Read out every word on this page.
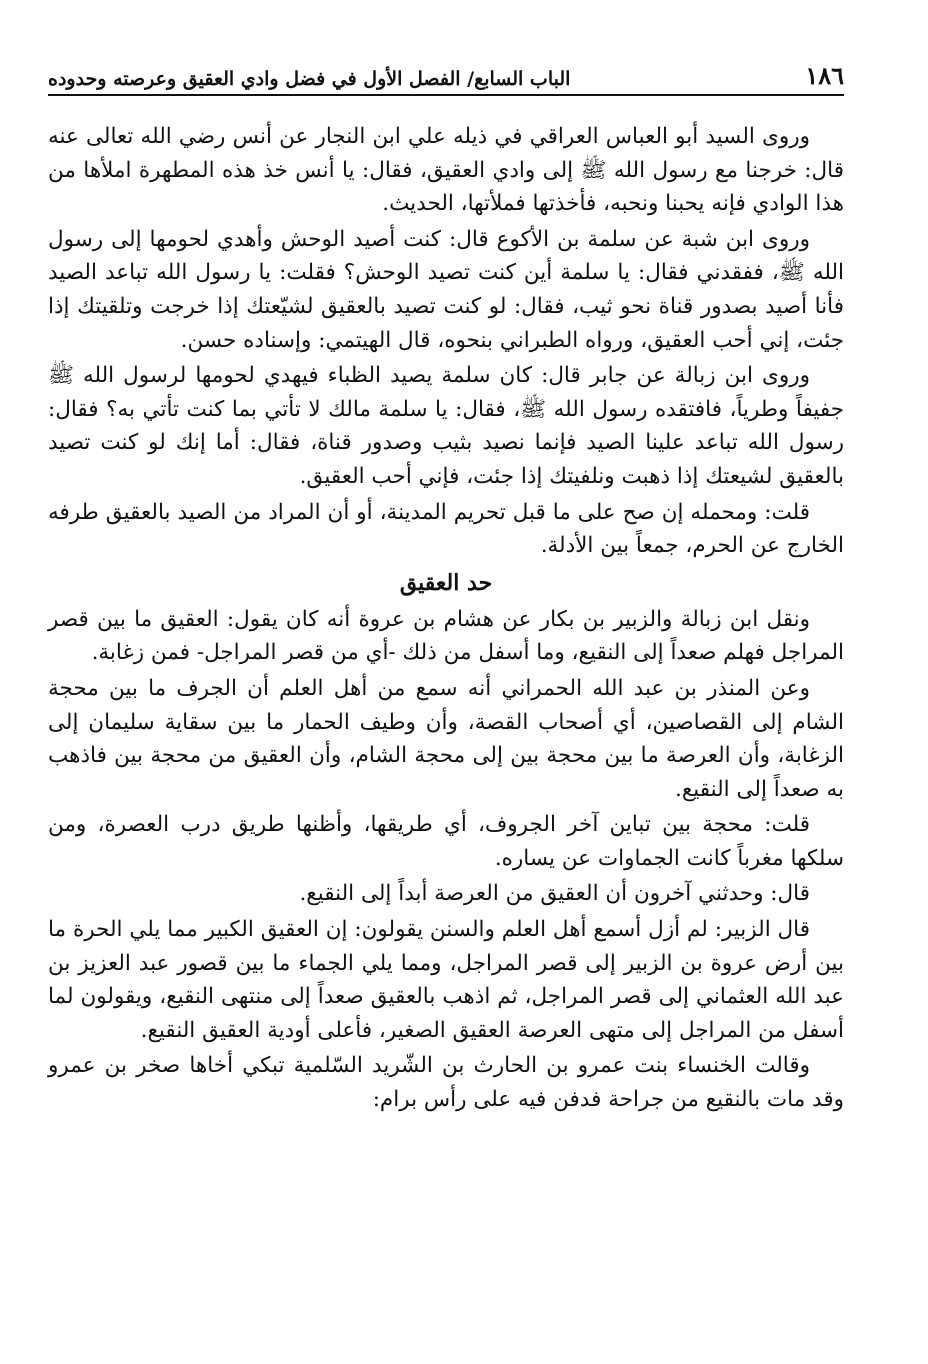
١٨٦
الباب السابع/ الفصل الأول في فضل وادي العقيق وعرصته وحدوده

وروى السيد أبو العباس العراقي في ذيله علي ابن النجار عن أنس رضي الله تعالى عنه قال: خرجنا مع رسول الله ﷺ إلى وادي العقيق، فقال: يا أنس خذ هذه المطهرة املأها من هذا الوادي فإنه يحبنا ونحبه، فأخذتها فملأتها، الحديث.

وروى ابن شبة عن سلمة بن الأكوع قال: كنت أصيد الوحش وأهدي لحومها إلى رسول الله ﷺ، ففقدني فقال: يا سلمة أين كنت تصيد الوحش؟ فقلت: يا رسول الله تباعد الصيد فأنا أصيد بصدور قناة نحو ثيب، فقال: لو كنت تصيد بالعقيق لشيّعتك إذا خرجت وتلقيتك إذا جئت، إني أحب العقيق، ورواه الطبراني بنحوه، قال الهيتمي: وإسناده حسن.

وروى ابن زبالة عن جابر قال: كان سلمة يصيد الظباء فيهدي لحومها لرسول الله ﷺ جفيفاً وطرياً، فافتقده رسول الله ﷺ، فقال: يا سلمة مالك لا تأتي بما كنت تأتي به؟ فقال: رسول الله تباعد علينا الصيد فإنما نصيد بثيب وصدور قناة، فقال: أما إنك لو كنت تصيد بالعقيق لشيعتك إذا ذهبت ونلفيتك إذا جئت، فإني أحب العقيق.

قلت: ومحمله إن صح على ما قبل تحريم المدينة، أو أن المراد من الصيد بالعقيق طرفه الخارج عن الحرم، جمعاً بين الأدلة.

حد العقيق

ونقل ابن زبالة والزبير بن بكار عن هشام بن عروة أنه كان يقول: العقيق ما بين قصر المراجل فهلم صعداً إلى النقيع، وما أسفل من ذلك -أي من قصر المراجل- فمن زغابة.

وعن المنذر بن عبد الله الحمراني أنه سمع من أهل العلم أن الجرف ما بين محجة الشام إلى القصاصين، أي أصحاب القصة، وأن وطيف الحمار ما بين سقاية سليمان إلى الزغابة، وأن العرصة ما بين محجة بين إلى محجة الشام، وأن العقيق من محجة بين فاذهب به صعداً إلى النقيع.

قلت: محجة بين تباين آخر الجروف، أي طريقها، وأظنها طريق درب العصرة، ومن سلكها مغرباً كانت الجماوات عن يساره.

قال: وحدثني آخرون أن العقيق من العرصة أبداً إلى النقيع.

قال الزبير: لم أزل أسمع أهل العلم والسنن يقولون: إن العقيق الكبير مما يلي الحرة ما بين أرض عروة بن الزبير إلى قصر المراجل، ومما يلي الجماء ما بين قصور عبد العزيز بن عبد الله العثماني إلى قصر المراجل، ثم اذهب بالعقيق صعداً إلى منتهى النقيع، ويقولون لما أسفل من المراجل إلى متهى العرصة العقيق الصغير، فأعلى أودية العقيق النقيع.

وقالت الخنساء بنت عمرو بن الحارث بن الشّريد السّلمية تبكي أخاها صخر بن عمرو وقد مات بالنقيع من جراحة فدفن فيه على رأس برام:
